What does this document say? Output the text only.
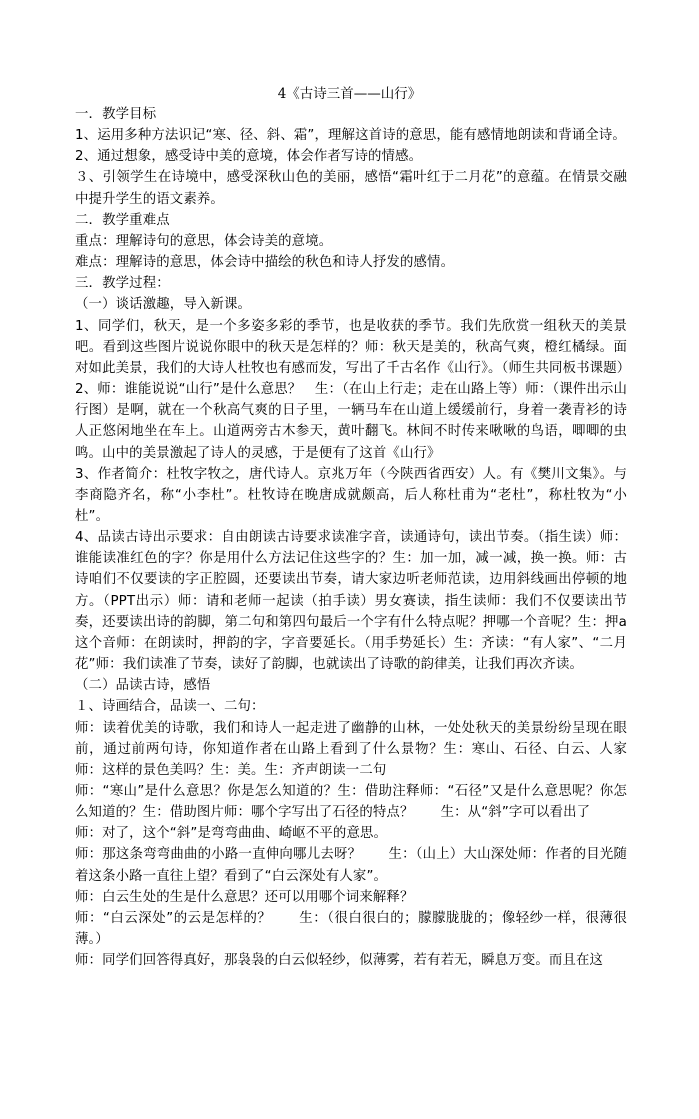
4《古诗三首——山行》

一．教学目标

1、运用多种方法识记“寒、径、斜、霜”，理解这首诗的意思，能有感情地朗读和背诵全诗。

2、通过想象，感受诗中美的意境，体会作者写诗的情感。

３、引领学生在诗境中，感受深秋山色的美丽，感悟“霜叶红于二月花”的意蕴。在情景交融中提升学生的语文素养。

二．教学重难点

重点：理解诗句的意思，体会诗美的意境。

难点：理解诗的意思，体会诗中描绘的秋色和诗人抒发的感情。

三．教学过程：

（一）谈话激趣，导入新课。

1、同学们，秋天，是一个多姿多彩的季节，也是收获的季节。我们先欣赏一组秋天的美景吧。看到这些图片说说你眼中的秋天是怎样的？师：秋天是美的，秋高气爽，橙红橘绿。面对如此美景，我们的大诗人杜牧也有感而发，写出了千古名作《山行》。（师生共同板书课题）

2、师：谁能说说“山行”是什么意思？　生：（在山上行走；走在山路上等）师：（课件出示山行图）是啊，就在一个秋高气爽的日子里，一辆马车在山道上缓缓前行，身着一袭青衫的诗人正悠闲地坐在车上。山道两旁古木参天，黄叶翻飞。林间不时传来啾啾的鸟语，唧唧的虫鸣。山中的美景激起了诗人的灵感，于是便有了这首《山行》

3、作者简介：杜牧字牧之，唐代诗人。京兆万年（今陕西省西安）人。有《樊川文集》。与李商隐齐名，称“小李杜”。杜牧诗在晚唐成就颇高，后人称杜甫为“老杜”，称杜牧为“小杜”。

4、品读古诗出示要求：自由朗读古诗要求读准字音，读通诗句，读出节奏。（指生读）师：谁能读准红色的字？你是用什么方法记住这些字的？生：加一加，减一减，换一换。师：古诗咱们不仅要读的字正腔圆，还要读出节奏，请大家边听老师范读，边用斜线画出停顿的地方。（PPT出示）师：请和老师一起读（拍手读）男女赛读，指生读师：我们不仅要读出节奏，还要读出诗的韵脚，第二句和第四句最后一个字有什么特点呢？押哪一个音呢？生：押a这个音师：在朗读时，押韵的字，字音要延长。（用手势延长）生：齐读：“有人家”、“二月花”师：我们读准了节奏，读好了韵脚，也就读出了诗歌的韵律美，让我们再次齐读。

（二）品读古诗，感悟

１、诗画结合，品读一、二句：

师：读着优美的诗歌，我们和诗人一起走进了幽静的山林，一处处秋天的美景纷纷呈现在眼前，通过前两句诗，你知道作者在山路上看到了什么景物？生：寒山、石径、白云、人家师：这样的景色美吗？生：美。生：齐声朗读一二句

师：“寒山”是什么意思？你是怎么知道的？生：借助注释师：“石径”又是什么意思呢？你怎么知道的？生：借助图片师：哪个字写出了石径的特点？　　生：从“斜”字可以看出了

师：对了，这个“斜”是弯弯曲曲、崎岖不平的意思。

师：那这条弯弯曲曲的小路一直伸向哪儿去呀？　　生：（山上）大山深处师：作者的目光随着这条小路一直往上望？看到了“白云深处有人家”。

师：白云生处的生是什么意思？还可以用哪个词来解释？

师：“白云深处”的云是怎样的？　　生：（很白很白的；朦朦胧胧的；像轻纱一样，很薄很薄。）

师：同学们回答得真好，那袅袅的白云似轻纱，似薄雾，若有若无，瞬息万变。而且在这
